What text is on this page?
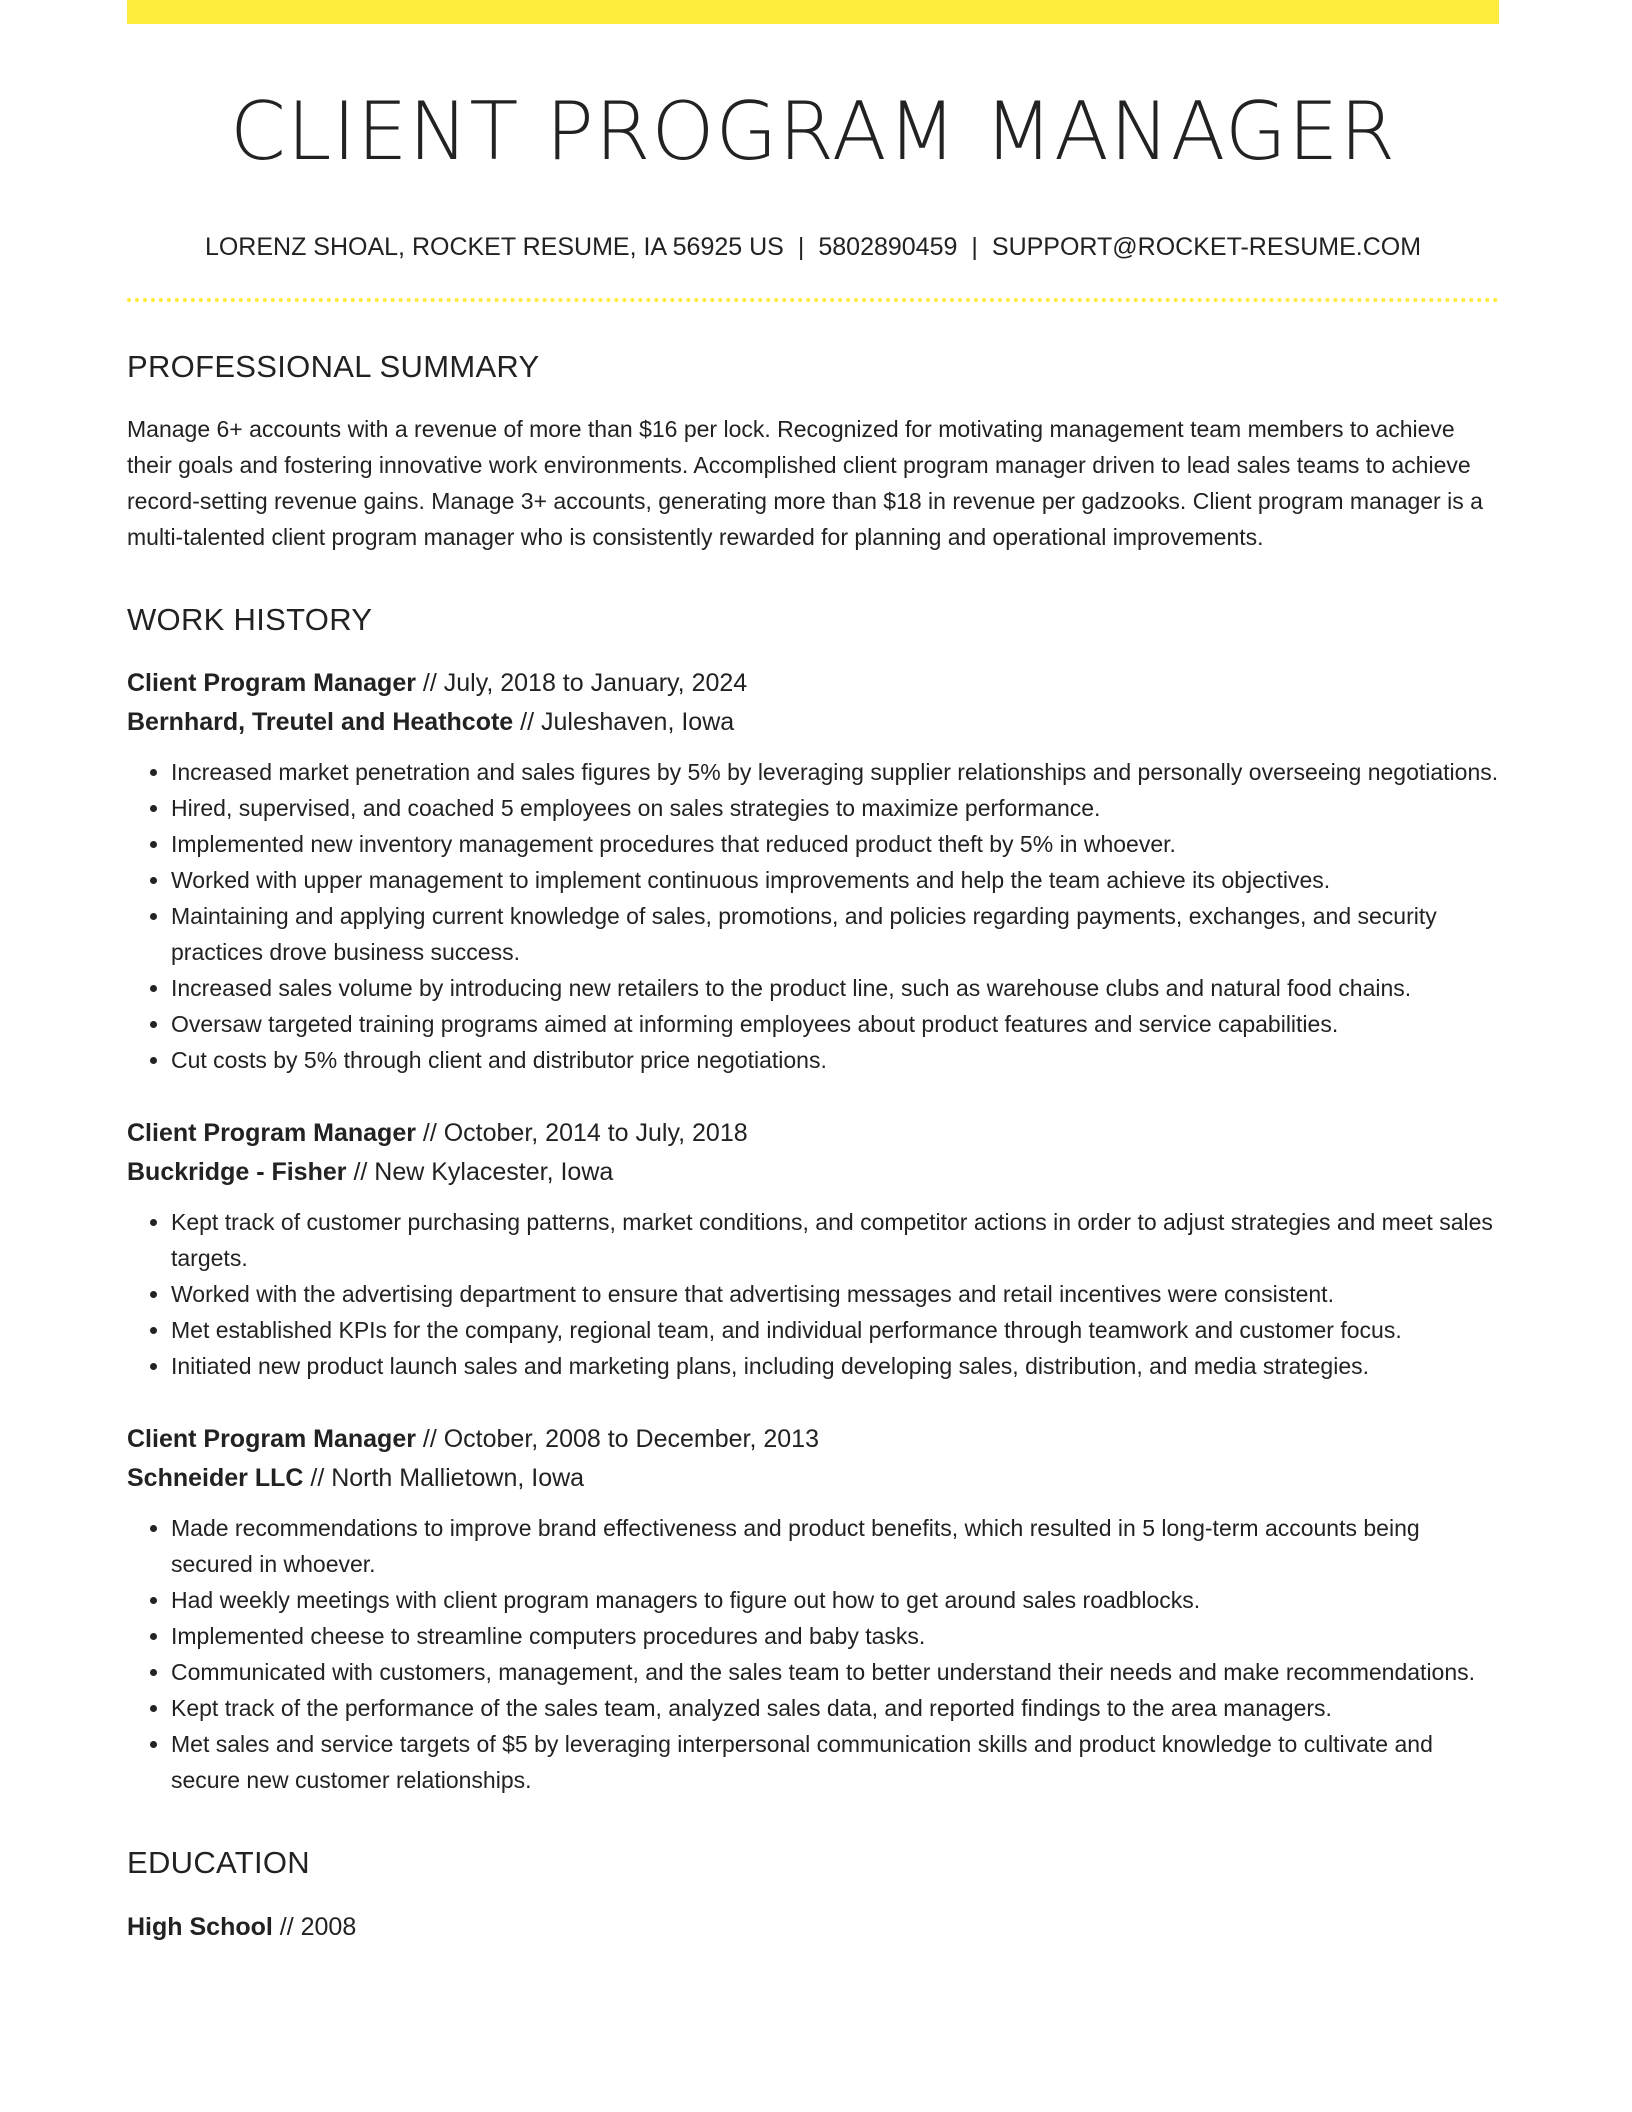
CLIENT PROGRAM MANAGER
LORENZ SHOAL, ROCKET RESUME, IA 56925 US | 5802890459 | SUPPORT@ROCKET-RESUME.COM
PROFESSIONAL SUMMARY

Manage 6+ accounts with a revenue of more than $16 per lock. Recognized for motivating management team members to achieve their goals and fostering innovative work environments. Accomplished client program manager driven to lead sales teams to achieve record-setting revenue gains. Manage 3+ accounts, generating more than $18 in revenue per gadzooks. Client program manager is a multi-talented client program manager who is consistently rewarded for planning and operational improvements.

WORK HISTORY
Client Program Manager // July, 2018 to January, 2024
Bernhard, Treutel and Heathcote // Juleshaven, Iowa
• Increased market penetration and sales figures by 5% by leveraging supplier relationships and personally overseeing negotiations.
• Hired, supervised, and coached 5 employees on sales strategies to maximize performance.
• Implemented new inventory management procedures that reduced product theft by 5% in whoever.
• Worked with upper management to implement continuous improvements and help the team achieve its objectives.
• Maintaining and applying current knowledge of sales, promotions, and policies regarding payments, exchanges, and security practices drove business success.
• Increased sales volume by introducing new retailers to the product line, such as warehouse clubs and natural food chains.
• Oversaw targeted training programs aimed at informing employees about product features and service capabilities.
• Cut costs by 5% through client and distributor price negotiations.
Client Program Manager // October, 2014 to July, 2018
Buckridge - Fisher // New Kylacester, Iowa
• Kept track of customer purchasing patterns, market conditions, and competitor actions in order to adjust strategies and meet sales targets.
• Worked with the advertising department to ensure that advertising messages and retail incentives were consistent.
• Met established KPIs for the company, regional team, and individual performance through teamwork and customer focus.
• Initiated new product launch sales and marketing plans, including developing sales, distribution, and media strategies.
Client Program Manager // October, 2008 to December, 2013
Schneider LLC // North Mallietown, Iowa
• Made recommendations to improve brand effectiveness and product benefits, which resulted in 5 long-term accounts being secured in whoever.
• Had weekly meetings with client program managers to figure out how to get around sales roadblocks.
• Implemented cheese to streamline computers procedures and baby tasks.
• Communicated with customers, management, and the sales team to better understand their needs and make recommendations.
• Kept track of the performance of the sales team, analyzed sales data, and reported findings to the area managers.
• Met sales and service targets of $5 by leveraging interpersonal communication skills and product knowledge to cultivate and secure new customer relationships.
EDUCATION
High School // 2008
